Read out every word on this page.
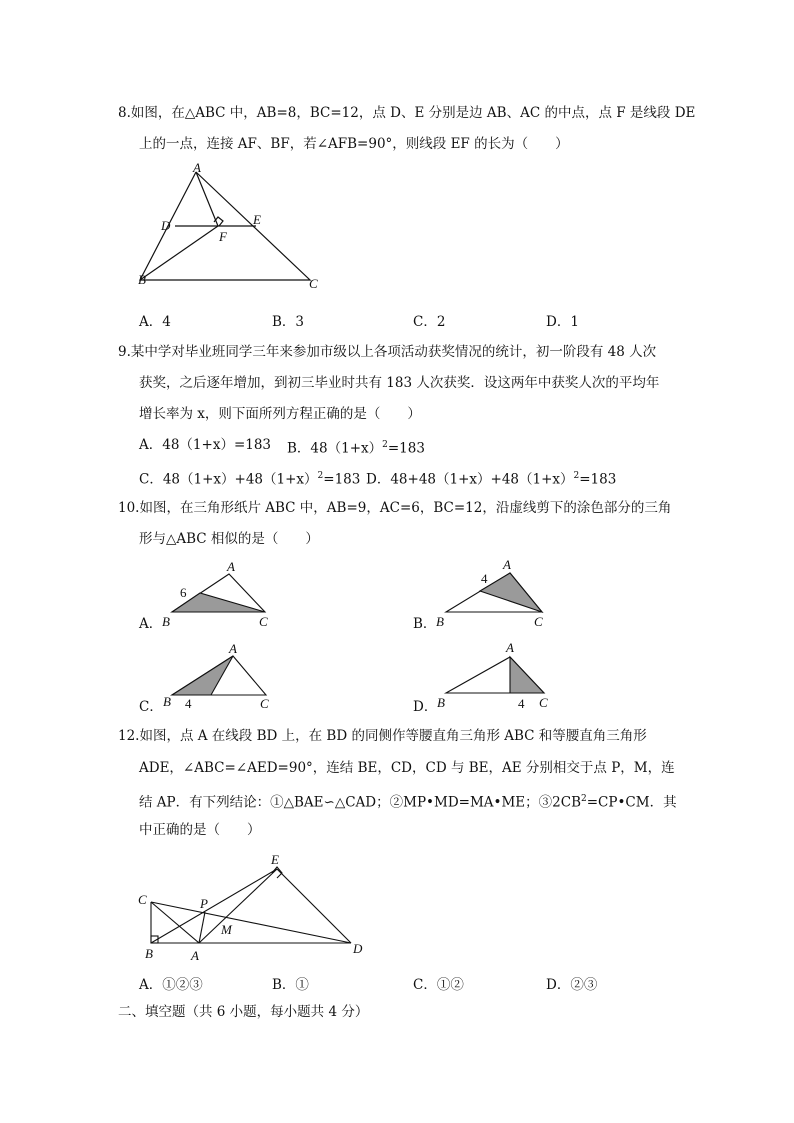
8.如图，在△ABC 中，AB=8，BC=12，点 D、E 分别是边 AB、AC 的中点，点 F 是线段 DE
上的一点，连接 AF、BF，若∠AFB=90°，则线段 EF 的长为（　　）
A
D	E
F
B	C
A．4	B．3	C．2	D．1
9.某中学对毕业班同学三年来参加市级以上各项活动获奖情况的统计，初一阶段有 48 人次
获奖，之后逐年增加，到初三毕业时共有 183 人次获奖．设这两年中获奖人次的平均年
增长率为 x，则下面所列方程正确的是（　　）
A．48（1+x）=183 B．$48(1+x)^2=183$
C．$48(1+x)+48(1+x)^2=183$ D．$48+48(1+x)+48(1+x)^2=183$
10.如图，在三角形纸片 ABC 中，AB=9，AC=6，BC=12，沿虚线剪下的涂色部分的三角
形与△ABC 相似的是（　　）
A．
A
6
B	C	B．
A
4
B	C
C．
A
B 4	C	D．
A
B	4 C
12.如图，点 A 在线段 BD 上，在 BD 的同侧作等腰直角三角形 ABC 和等腰直角三角形
ADE，∠ABC=∠AED=90°，连结 BE，CD，CD 与 BE，AE 分别相交于点 P，M，连
结 AP．有下列结论：①△BAE∽△CAD；②MP•MD=MA•ME；$③2CB^2=CP•CM$．其
中正确的是（　　）
E
C	P
M
B	A	D
A．①②③	B．①	C．①②	D．②③
二、填空题（共 6 小题，每小题共 4 分）
